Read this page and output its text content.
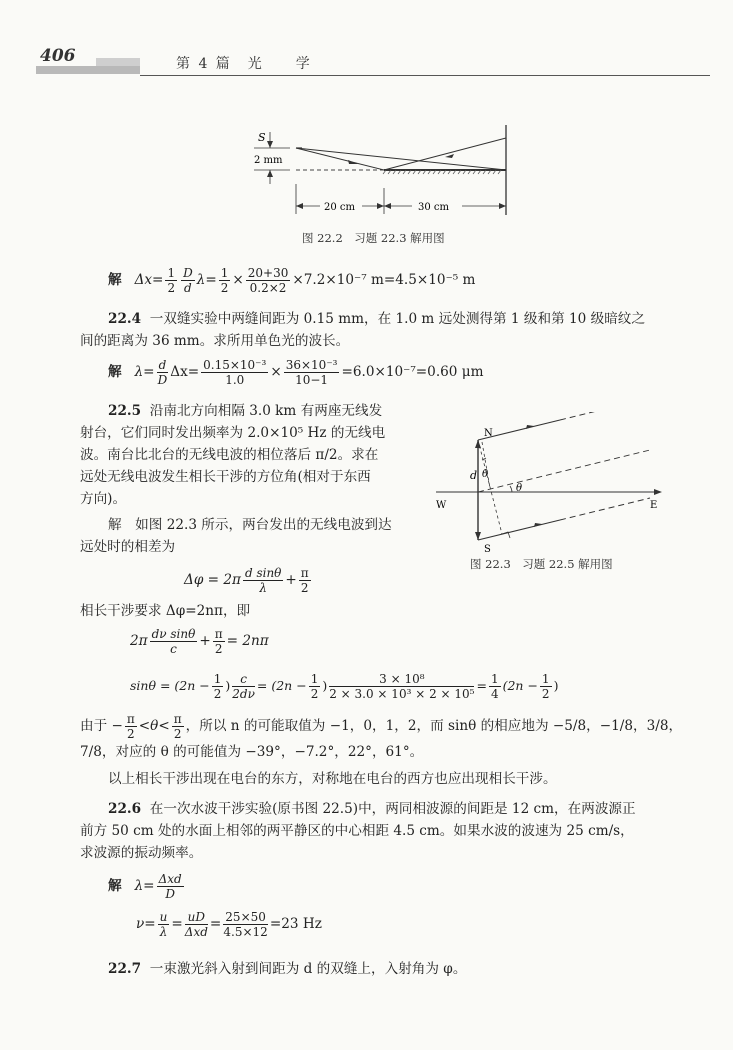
406	第 4 篇　光　　学
S
2 mm
20 cm	30 cm
图 22.2　习题 22.3 解用图
解 $\Delta x= \frac{1}{2} \frac{D}{d} \lambda= \frac{1}{2} \times \frac{20+30}{0.2\times 2} \times 7.2\times 10^{-7}$ m=4.5×10⁻⁵ m
22.4 一双缝实验中两缝间距为 0.15 mm，在 1.0 m 远处测得第 1 级和第 10 级暗纹之
间的距离为 36 mm。求所用单色光的波长。
解 $\lambda= \frac{d}{D} \Delta x= \frac{\text{0.15×10⁻³}}{1.0} \times \frac{\text{36×10⁻³}}{10-1} =6.0\times 10^{-7}=0.60$ μm
22.5 沿南北方向相隔 3.0 km 有两座无线发
射台，它们同时发出频率为 2.0×10⁵ Hz 的无线电
波。南台比北台的无线电波的相位落后 π/2。求在
远处无线电波发生相长干涉的方位角(相对于东西
方向)。
解　如图 22.3 所示，两台发出的无线电波到达
远处时的相差为
W	E
N
S
d θ
θ
图 22.3　习题 22.5 解用图
$\Delta\varphi = 2\pi \frac{\text{d sinθ}}{\lambda} + \frac{\pi}{2}$
相长干涉要求 Δφ=2nπ，即
$2\pi \frac{\text{dν sinθ}}{c} + \frac{\pi}{2} = 2n\pi$
$\sin\theta = (2n - \frac{1}{2}$ ) $\frac{c}{2d\nu} = (2n - \frac{1}{2}$ ) $\frac{\text{3 × 10⁸}}{\text{2 × 3.0 × 10³ × 2 × 10⁵}} = \frac{1}{4} (2n - \frac{1}{2}$ )
由于 − $\frac{\pi}{2} <\theta< \frac{\pi}{2}$ ，所以 n 的可能取值为 −1，0，1，2，而 sinθ 的相应地为 −5/8，−1/8，3/8，
7/8，对应的 θ 的可能值为 −39°，−7.2°，22°，61°。
以上相长干涉出现在电台的东方，对称地在电台的西方也应出现相长干涉。
22.6 在一次水波干涉实验(原书图 22.5)中，两同相波源的间距是 12 cm，在两波源正
前方 50 cm 处的水面上相邻的两平静区的中心相距 4.5 cm。如果水波的波速为 25 cm/s，
求波源的振动频率。
解 $\lambda= \frac{\text{Δxd}}{D}$
$\nu= \frac{u}{\lambda} = \frac{uD}{\text{Δxd}} = \frac{25\times 50}{4.5\times 12} =23$ Hz
22.7 一束激光斜入射到间距为 d 的双缝上，入射角为 φ。
